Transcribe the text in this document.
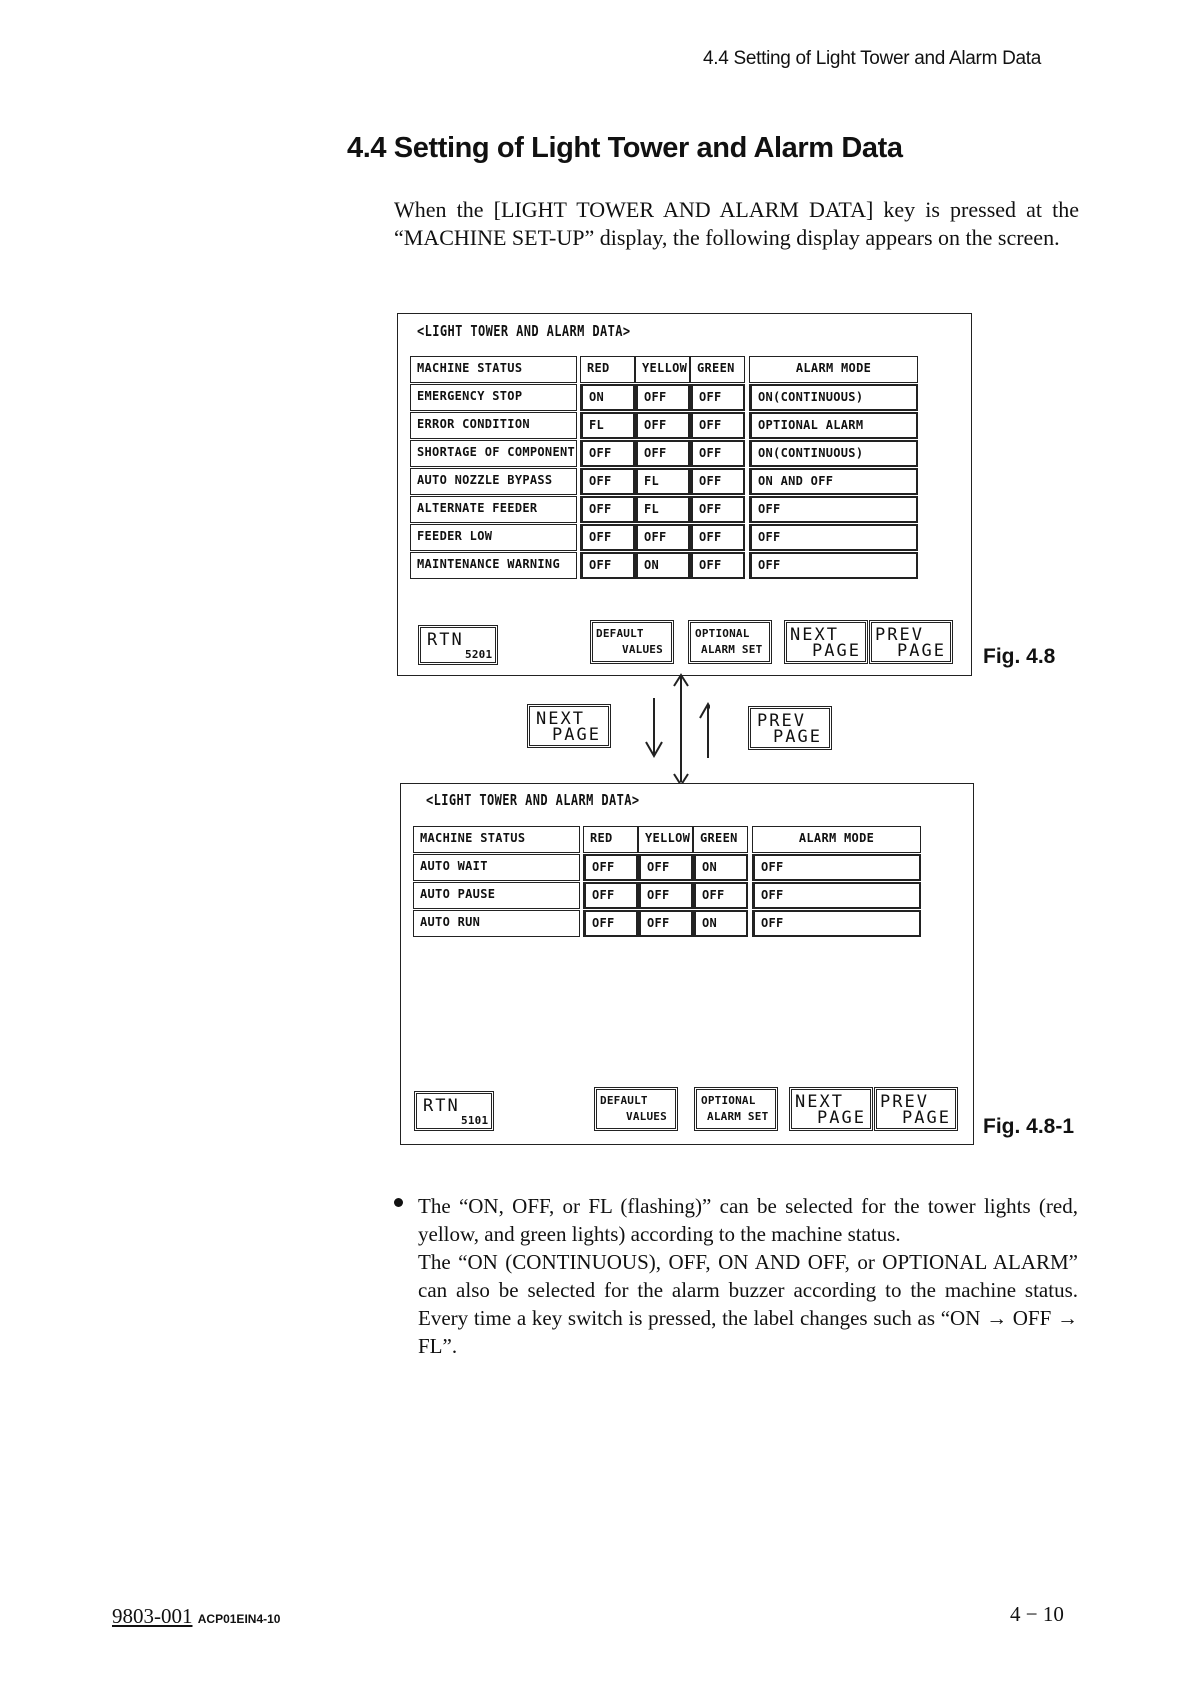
4.4 Setting of Light Tower and Alarm Data
4.4 Setting of Light Tower and Alarm Data
When the [LIGHT TOWER AND ALARM DATA] key is pressed at the “MACHINE SET-UP” display, the following display appears on the screen.
<LIGHT TOWER AND ALARM DATA>
MACHINE STATUS	RED	YELLOW GREEN	ALARM MODE
EMERGENCY STOP	ON	OFF	OFF	ON(CONTINUOUS)
ERROR CONDITION	FL	OFF	OFF	OPTIONAL ALARM
SHORTAGE OF COMPONENT	OFF	OFF	OFF	ON(CONTINUOUS)
AUTO NOZZLE BYPASS	OFF	FL	OFF	ON AND OFF
ALTERNATE FEEDER	OFF	FL	OFF	OFF
FEEDER LOW	OFF	OFF	OFF	OFF
MAINTENANCE WARNING	OFF	ON	OFF	OFF
RTN
5201
DEFAULT
VALUES
OPTIONAL
ALARM SET
NEXT
PAGE
PREV
PAGE Fig. 4.8
NEXT
PAGE
PREV
PAGE
<LIGHT TOWER AND ALARM DATA>
MACHINE STATUS	RED	YELLOW GREEN	ALARM MODE
AUTO WAIT	OFF	OFF	ON	OFF
AUTO PAUSE	OFF	OFF	OFF	OFF
AUTO RUN	OFF	OFF	ON	OFF
RTN
5101
DEFAULT
VALUES
OPTIONAL
ALARM SET
NEXT
PAGE
PREV
PAGE Fig. 4.8-1
The “ON, OFF, or FL (flashing)” can be selected for the tower lights (red, yellow, and green lights) according to the machine status.
The “ON (CONTINUOUS), OFF, ON AND OFF, or OPTIONAL ALARM” can also be selected for the alarm buzzer according to the machine status. Every time a key switch is pressed, the label changes such as “ON → OFF → FL”.
9803-001 ACP01EIN4-10	4 − 10
